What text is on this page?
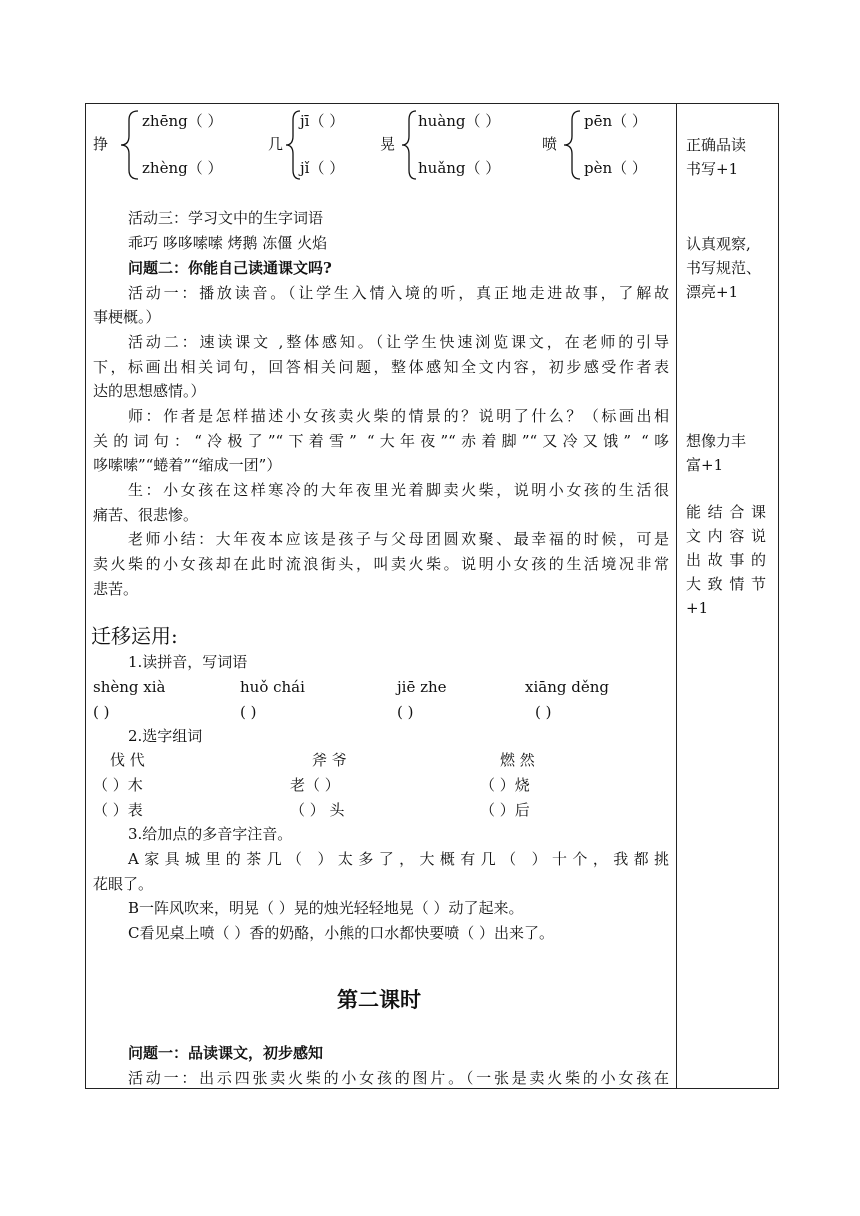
挣
zhēng（ ）
zhèng（ ）
几
jī（ ）
jǐ（ ）
晃
huàng（ ）
huǎng（ ）
喷
pēn（ ）
pèn（ ）
活动三：学习文中的生字词语
乖巧 哆哆嗦嗦 烤鹅 冻僵 火焰
问题二：你能自己读通课文吗?
活动一：播放读音。（让学生入情入境的听，真正地走进故事，了解故
事梗概。）
活动二：速读课文 ,整体感知。（让学生快速浏览课文，在老师的引导
下，标画出相关词句，回答相关问题，整体感知全文内容，初步感受作者表
达的思想感情。）
师：作者是怎样描述小女孩卖火柴的情景的？说明了什么？（标画出相
关的词句：“冷极了”“下着雪” “大年夜”“赤着脚”“又冷又饿” “哆
哆嗦嗦”“蜷着”“缩成一团”）
生：小女孩在这样寒冷的大年夜里光着脚卖火柴，说明小女孩的生活很
痛苦、很悲惨。
老师小结：大年夜本应该是孩子与父母团圆欢聚、最幸福的时候，可是
卖火柴的小女孩却在此时流浪街头，叫卖火柴。说明小女孩的生活境况非常
悲苦。
迁移运用:
1.读拼音，写词语
shèng xià
( )
huǒ chái
( )
jiē zhe
( )
xiāng děng
( )
2.选字组词
伐 代
（ ）木
（ ）表
斧 爷
老（ ）
（ ） 头
燃 然
（ ）烧
（ ）后
3.给加点的多音字注音。
A家具城里的茶几（ ）太多了，大概有几（ ）十个，我都挑
花眼了。
B一阵风吹来，明晃（ ）晃的烛光轻轻地晃（ ）动了起来。
C看见桌上喷（ ）香的奶酪，小熊的口水都快要喷（ ）出来了。
第二课时
问题一：品读课文，初步感知
活动一：出示四张卖火柴的小女孩的图片。（一张是卖火柴的小女孩在
正确品读
书写+1
认真观察,
书写规范、
漂亮+1
想像力丰
富+1
能结合课
文内容说
出故事的
大致情节
+1
